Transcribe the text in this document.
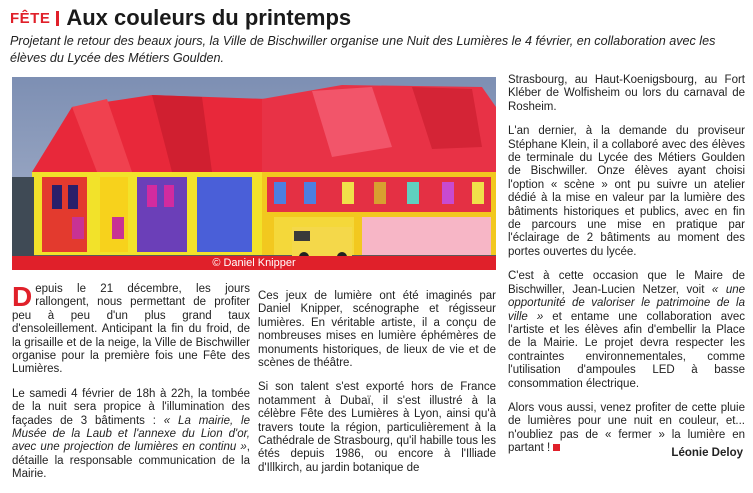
FÊTE Aux couleurs du printemps
Projetant le retour des beaux jours, la Ville de Bischwiller organise une Nuit des Lumières le 4 février, en collaboration avec les élèves du Lycée des Métiers Goulden.
© Daniel Knipper

Depuis le 21 décembre, les jours rallongent, nous permettant de profiter peu à peu d'un plus grand taux d'ensoleillement. Anticipant la fin du froid, de la grisaille et de la neige, la Ville de Bischwiller organise pour la première fois une Fête des Lumières.

Le samedi 4 février de 18h à 22h, la tombée de la nuit sera propice à l'illumination des façades de 3 bâtiments : « La mairie, le Musée de la Laub et l'annexe du Lion d'or, avec une projection de lumières en continu », détaille la responsable communication de la Mairie.

Ces jeux de lumière ont été imaginés par Daniel Knipper, scénographe et régisseur lumières. En véritable artiste, il a conçu de nombreuses mises en lumière éphémères de monuments historiques, de lieux de vie et de scènes de théâtre.

Si son talent s'est exporté hors de France notamment à Dubaï, il s'est illustré à la célèbre Fête des Lumières à Lyon, ainsi qu'à travers toute la région, particulièrement à la Cathédrale de Strasbourg, qu'il habille tous les étés depuis 1986, ou encore à l'Illiade d'Illkirch, au jardin botanique de

Strasbourg, au Haut-Koenigsbourg, au Fort Kléber de Wolfisheim ou lors du carnaval de Rosheim.

L'an dernier, à la demande du proviseur Stéphane Klein, il a collaboré avec des élèves de terminale du Lycée des Métiers Goulden de Bischwiller. Onze élèves ayant choisi l'option « scène » ont pu suivre un atelier dédié à la mise en valeur par la lumière des bâtiments historiques et publics, avec en fin de parcours une mise en pratique par l'éclairage de 2 bâtiments au moment des portes ouvertes du lycée.

C'est à cette occasion que le Maire de Bischwiller, Jean-Lucien Netzer, voit « une opportunité de valoriser le patrimoine de la ville » et entame une collaboration avec l'artiste et les élèves afin d'embellir la Place de la Mairie. Le projet devra respecter les contraintes environnementales, comme l'utilisation d'ampoules LED à basse consommation électrique.

Alors vous aussi, venez profiter de cette pluie de lumières pour une nuit en couleur, et... n'oubliez pas de « fermer » la lumière en partant !	Léonie Deloy
